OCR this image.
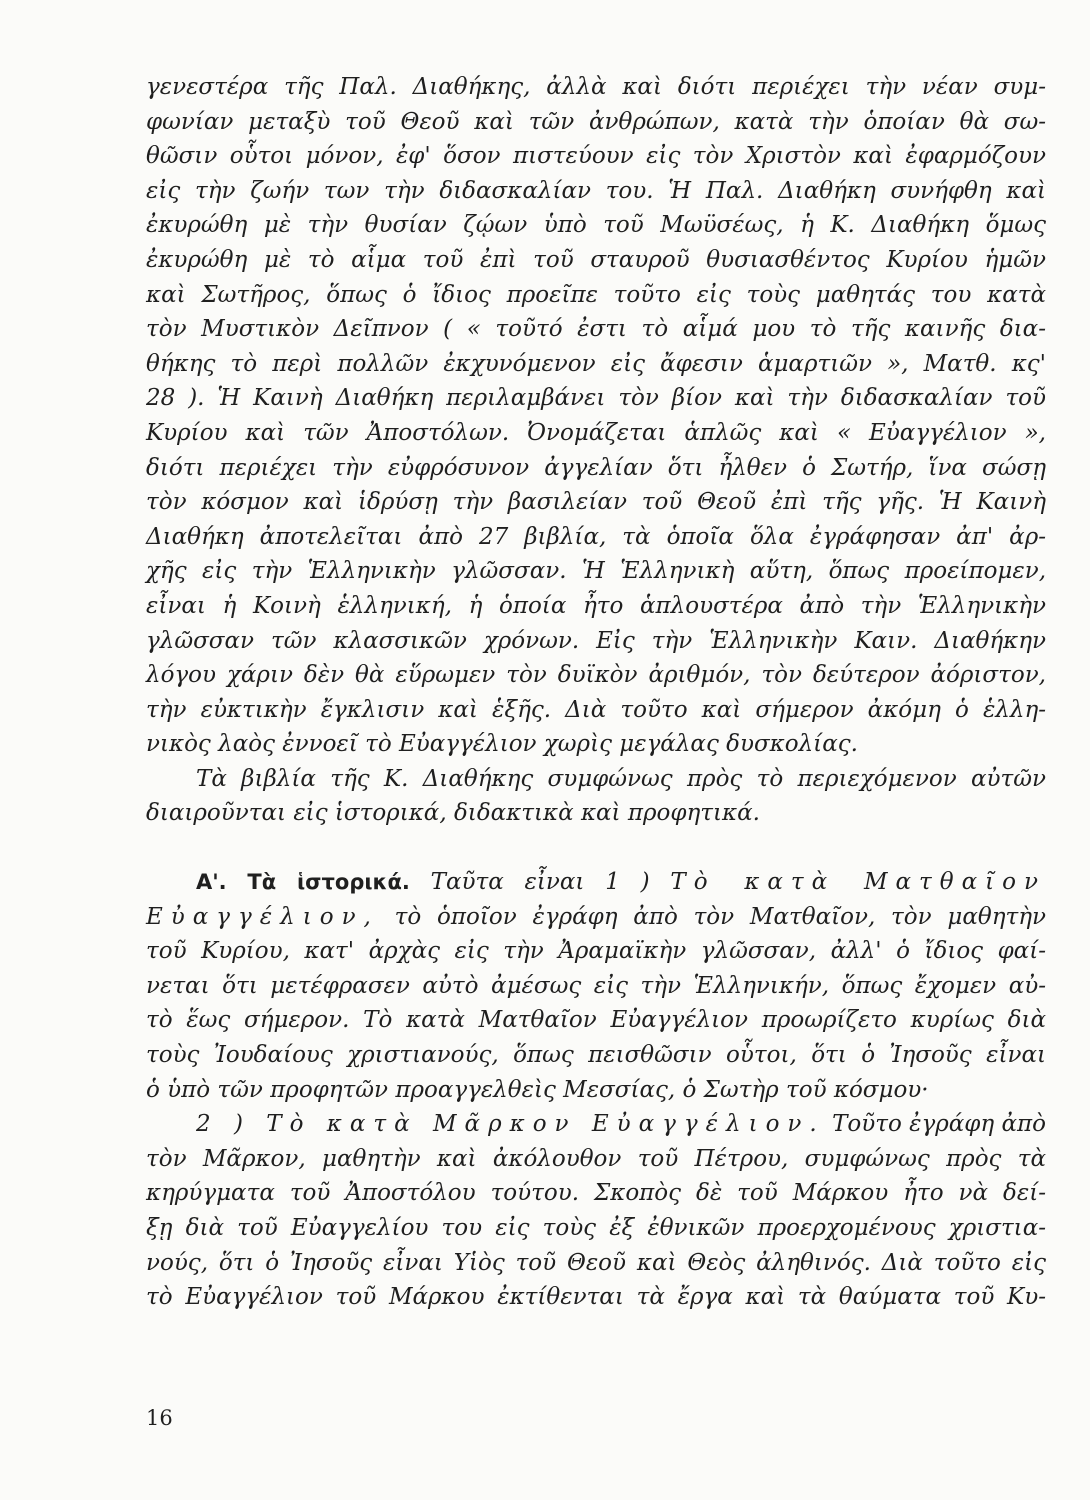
γενεστέρα τῆς Παλ. Διαθήκης, ἀλλὰ καὶ διότι περιέχει τὴν νέαν συμ-
φωνίαν μεταξὺ τοῦ Θεοῦ καὶ τῶν ἀνθρώπων, κατὰ τὴν ὁποίαν θὰ σω-
θῶσιν οὗτοι μόνον, ἐφ' ὅσον πιστεύουν εἰς τὸν Χριστὸν καὶ ἐφαρμόζουν
εἰς τὴν ζωήν των τὴν διδασκαλίαν του. Ἡ Παλ. Διαθήκη συνήφθη καὶ
ἐκυρώθη μὲ τὴν θυσίαν ζῴων ὑπὸ τοῦ Μωϋσέως, ἡ Κ. Διαθήκη ὅμως
ἐκυρώθη μὲ τὸ αἷμα τοῦ ἐπὶ τοῦ σταυροῦ θυσιασθέντος Κυρίου ἡμῶν
καὶ Σωτῆρος, ὅπως ὁ ἴδιος προεῖπε τοῦτο εἰς τοὺς μαθητάς του κατὰ
τὸν Μυστικὸν Δεῖπνον ( « τοῦτό ἐστι τὸ αἷμά μου τὸ τῆς καινῆς δια-
θήκης τὸ περὶ πολλῶν ἐκχυνόμενον εἰς ἄφεσιν ἁμαρτιῶν », Ματθ. κς'
28 ). Ἡ Καινὴ Διαθήκη περιλαμβάνει τὸν βίον καὶ τὴν διδασκαλίαν τοῦ
Κυρίου καὶ τῶν Ἀποστόλων. Ὀνομάζεται ἁπλῶς καὶ « Εὐαγγέλιον »,
διότι περιέχει τὴν εὐφρόσυνον ἀγγελίαν ὅτι ἦλθεν ὁ Σωτήρ, ἵνα σώσῃ
τὸν κόσμον καὶ ἱδρύσῃ τὴν βασιλείαν τοῦ Θεοῦ ἐπὶ τῆς γῆς. Ἡ Καινὴ
Διαθήκη ἀποτελεῖται ἀπὸ 27 βιβλία, τὰ ὁποῖα ὅλα ἐγράφησαν ἀπ' ἀρ-
χῆς εἰς τὴν Ἑλληνικὴν γλῶσσαν. Ἡ Ἑλληνικὴ αὕτη, ὅπως προείπομεν,
εἶναι ἡ Κοινὴ ἑλληνική, ἡ ὁποία ἦτο ἁπλουστέρα ἀπὸ τὴν Ἑλληνικὴν
γλῶσσαν τῶν κλασσικῶν χρόνων. Εἰς τὴν Ἑλληνικὴν Καιν. Διαθήκην
λόγου χάριν δὲν θὰ εὕρωμεν τὸν δυϊκὸν ἀριθμόν, τὸν δεύτερον ἀόριστον,
τὴν εὐκτικὴν ἔγκλισιν καὶ ἑξῆς. Διὰ τοῦτο καὶ σήμερον ἀκόμη ὁ ἑλλη-
νικὸς λαὸς ἐννοεῖ τὸ Εὐαγγέλιον χωρὶς μεγάλας δυσκολίας.
Τὰ βιβλία τῆς Κ. Διαθήκης συμφώνως πρὸς τὸ περιεχόμενον αὐτῶν
διαιροῦνται εἰς ἱστορικά, διδακτικὰ καὶ προφητικά.
Α'. Τὰ ἱστορικά. Ταῦτα εἶναι 1 ) Τὸ κατὰ Ματθαῖον
Εὐαγγέλιον, τὸ ὁποῖον ἐγράφη ἀπὸ τὸν Ματθαῖον, τὸν μαθητὴν
τοῦ Κυρίου, κατ' ἀρχὰς εἰς τὴν Ἀραμαϊκὴν γλῶσσαν, ἀλλ' ὁ ἴδιος φαί-
νεται ὅτι μετέφρασεν αὐτὸ ἀμέσως εἰς τὴν Ἑλληνικήν, ὅπως ἔχομεν αὐ-
τὸ ἕως σήμερον. Τὸ κατὰ Ματθαῖον Εὐαγγέλιον προωρίζετο κυρίως διὰ
τοὺς Ἰουδαίους χριστιανούς, ὅπως πεισθῶσιν οὗτοι, ὅτι ὁ Ἰησοῦς εἶναι
ὁ ὑπὸ τῶν προφητῶν προαγγελθεὶς Μεσσίας, ὁ Σωτὴρ τοῦ κόσμου·
2 ) Τὸ κατὰ Μᾶρκον Εὐαγγέλιον. Τοῦτο ἐγράφη ἀπὸ
τὸν Μᾶρκον, μαθητὴν καὶ ἀκόλουθον τοῦ Πέτρου, συμφώνως πρὸς τὰ
κηρύγματα τοῦ Ἀποστόλου τούτου. Σκοπὸς δὲ τοῦ Μάρκου ἦτο νὰ δεί-
ξῃ διὰ τοῦ Εὐαγγελίου του εἰς τοὺς ἐξ ἐθνικῶν προερχομένους χριστια-
νούς, ὅτι ὁ Ἰησοῦς εἶναι Υἱὸς τοῦ Θεοῦ καὶ Θεὸς ἀληθινός. Διὰ τοῦτο εἰς
τὸ Εὐαγγέλιον τοῦ Μάρκου ἐκτίθενται τὰ ἔργα καὶ τὰ θαύματα τοῦ Κυ-
16
